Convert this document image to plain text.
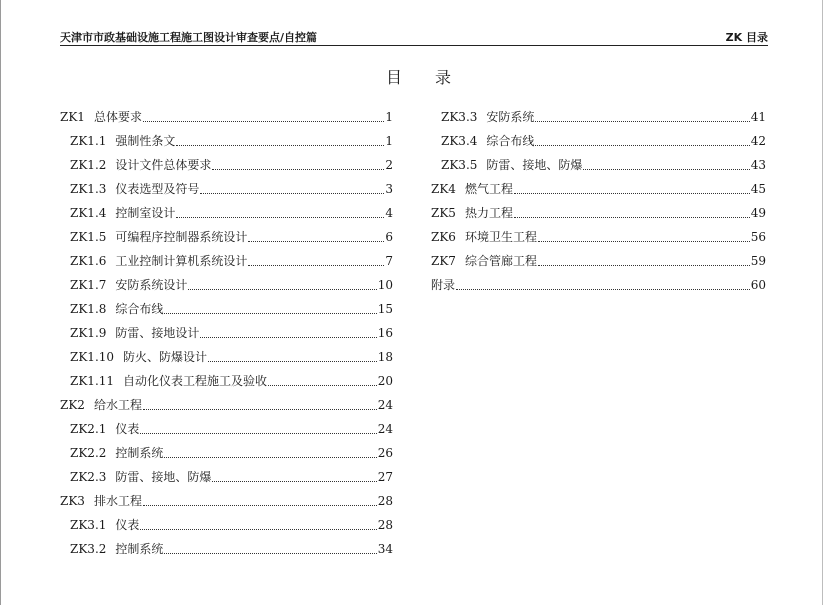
天津市市政基础设施工程施工图设计审查要点/自控篇	ZK 目录
目 录
ZK1 总体要求	1
ZK1.1 强制性条文	1
ZK1.2 设计文件总体要求	2
ZK1.3 仪表选型及符号	3
ZK1.4 控制室设计	4
ZK1.5 可编程序控制器系统设计	6
ZK1.6 工业控制计算机系统设计	7
ZK1.7 安防系统设计	10
ZK1.8 综合布线	15
ZK1.9 防雷、接地设计	16
ZK1.10 防火、防爆设计	18
ZK1.11 自动化仪表工程施工及验收	20
ZK2 给水工程	24
ZK2.1 仪表	24
ZK2.2 控制系统	26
ZK2.3 防雷、接地、防爆	27
ZK3 排水工程	28
ZK3.1 仪表	28
ZK3.2 控制系统	34
ZK3.3 安防系统	41
ZK3.4 综合布线	42
ZK3.5 防雷、接地、防爆	43
ZK4 燃气工程	45
ZK5 热力工程	49
ZK6 环境卫生工程	56
ZK7 综合管廊工程	59
附录	60
